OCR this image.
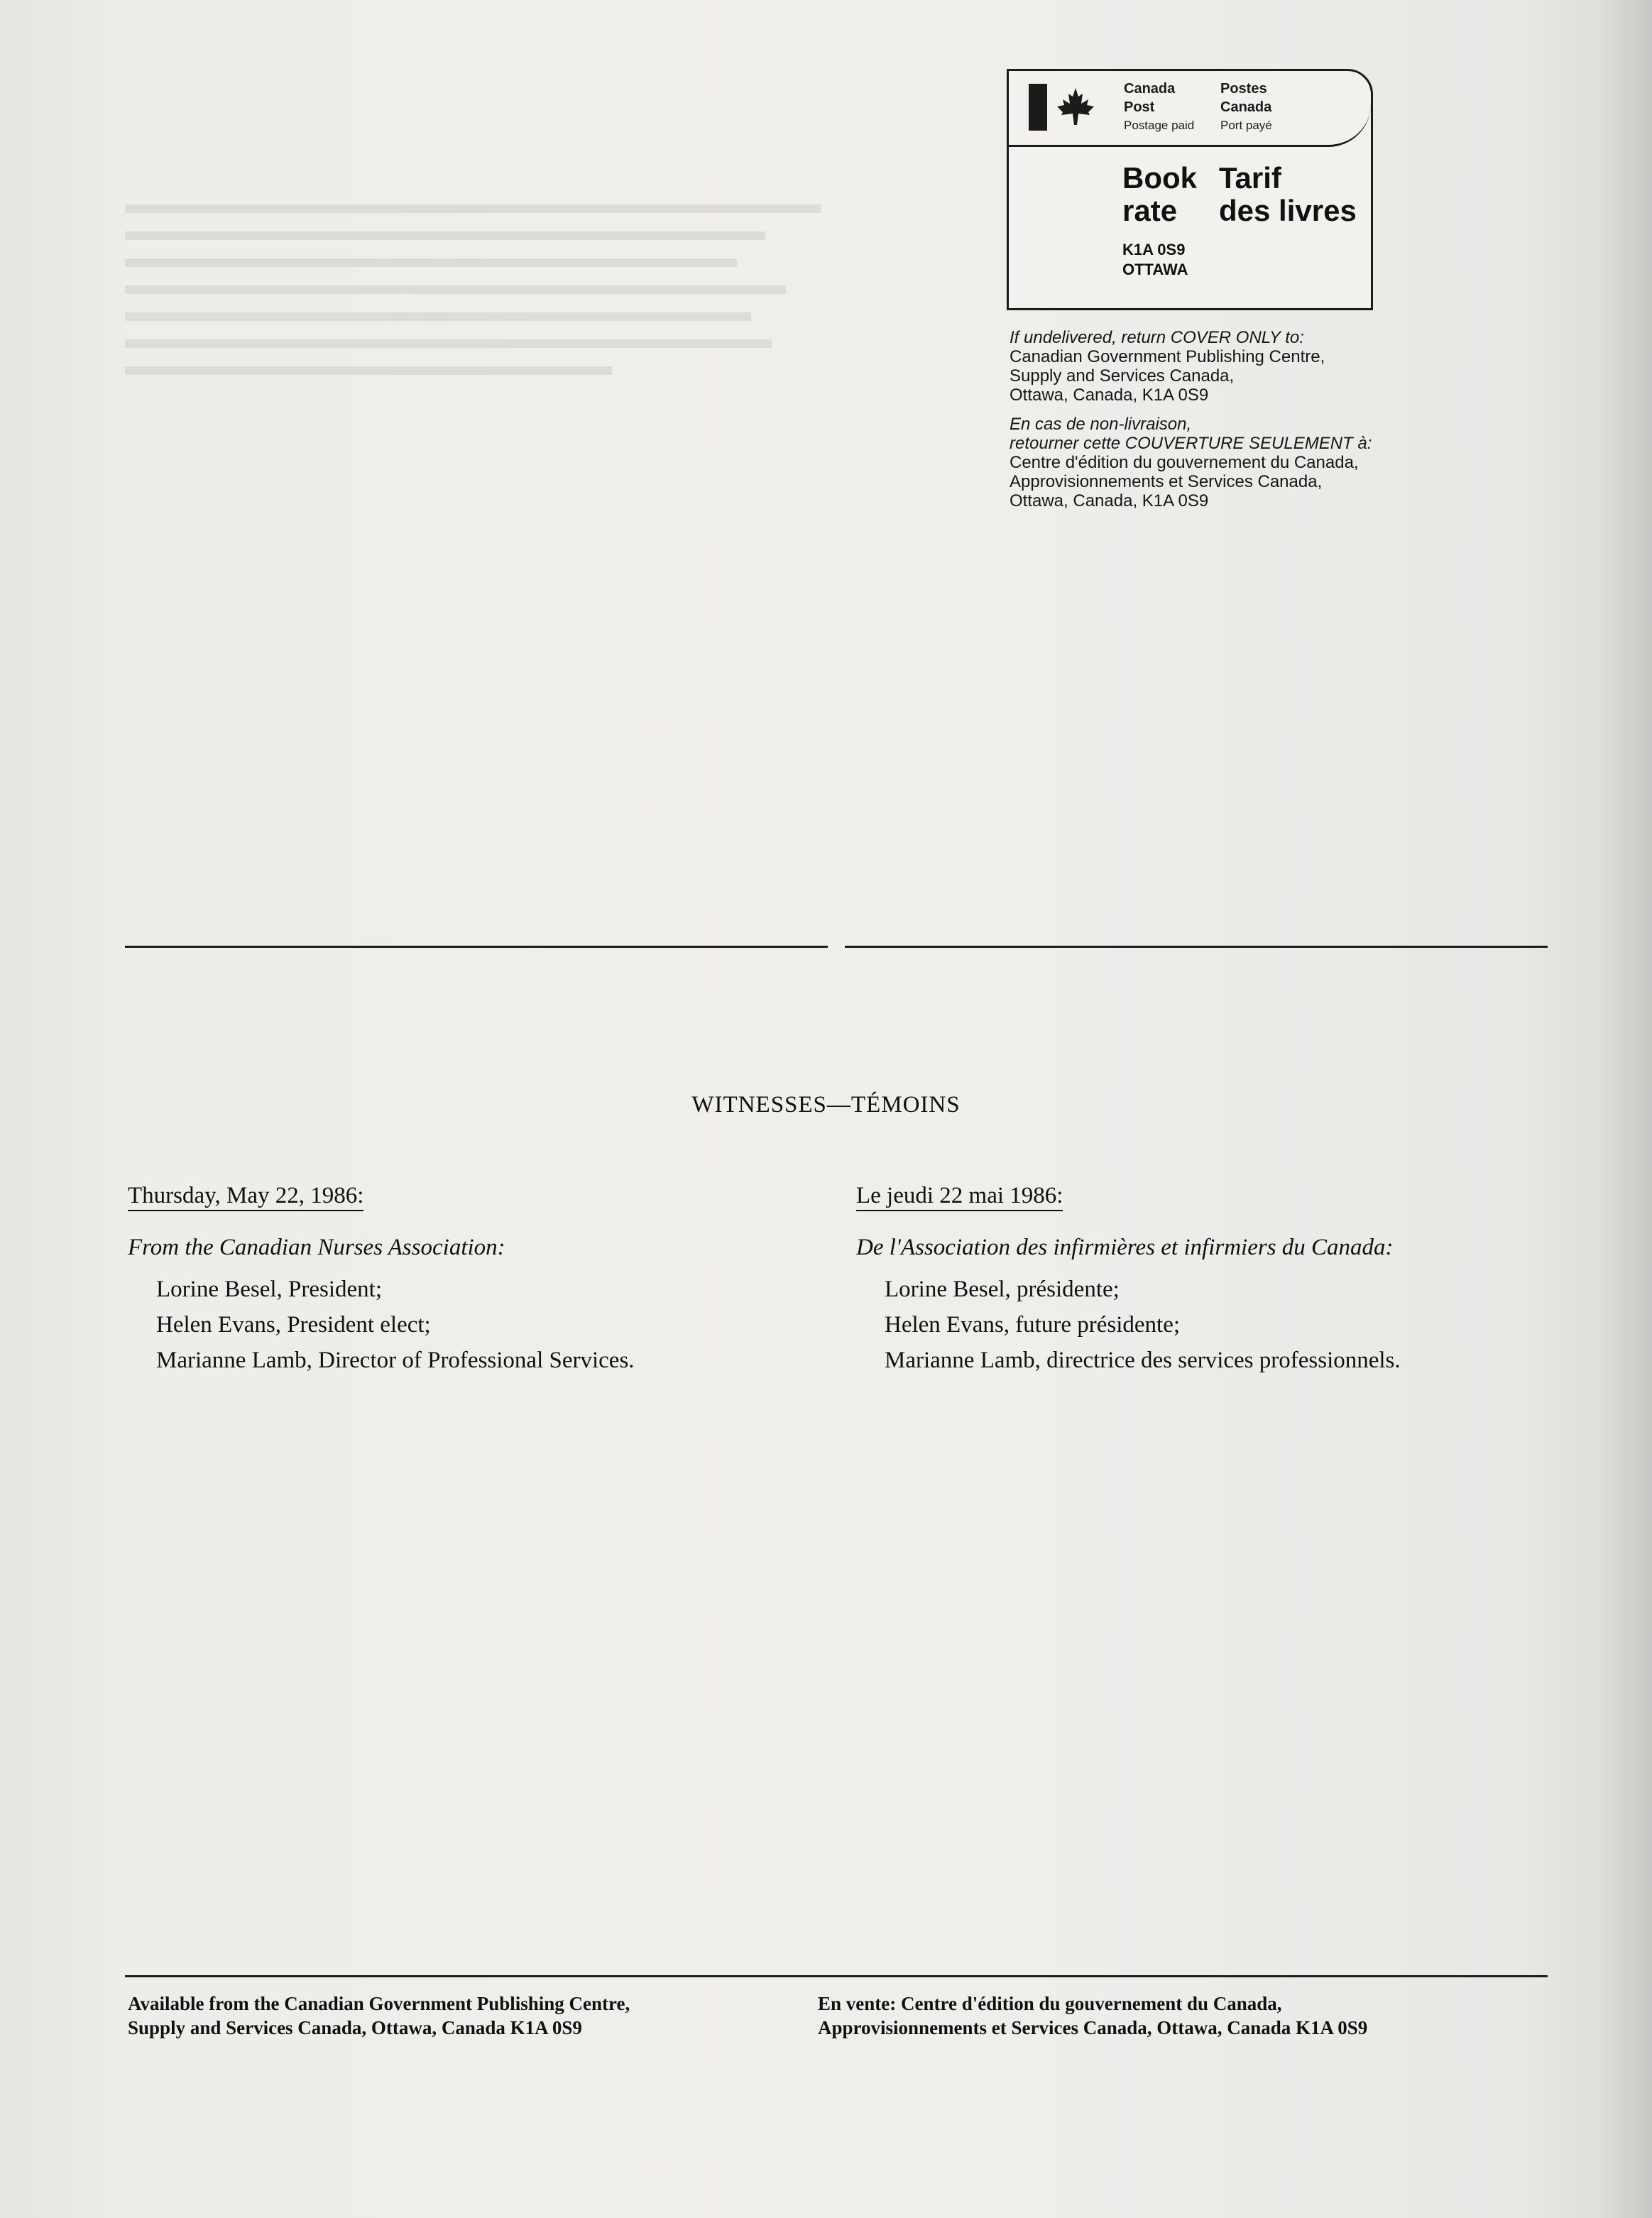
Canada
Post
Postage paid
Postes
Canada
Port payé
Book
rate
Tarif
des livres
K1A 0S9
OTTAWA
If undelivered, return COVER ONLY to:
Canadian Government Publishing Centre,
Supply and Services Canada,
Ottawa, Canada, K1A 0S9
En cas de non-livraison,
retourner cette COUVERTURE SEULEMENT à:
Centre d'édition du gouvernement du Canada,
Approvisionnements et Services Canada,
Ottawa, Canada, K1A 0S9
WITNESSES—TÉMOINS
Thursday, May 22, 1986:	Le jeudi 22 mai 1986:
From the Canadian Nurses Association:	De l'Association des infirmières et infirmiers du Canada:
Lorine Besel, President;
Helen Evans, President elect;
Marianne Lamb, Director of Professional Services.
Lorine Besel, présidente;
Helen Evans, future présidente;
Marianne Lamb, directrice des services professionnels.
Available from the Canadian Government Publishing Centre,
Supply and Services Canada, Ottawa, Canada K1A 0S9
En vente: Centre d'édition du gouvernement du Canada,
Approvisionnements et Services Canada, Ottawa, Canada K1A 0S9
